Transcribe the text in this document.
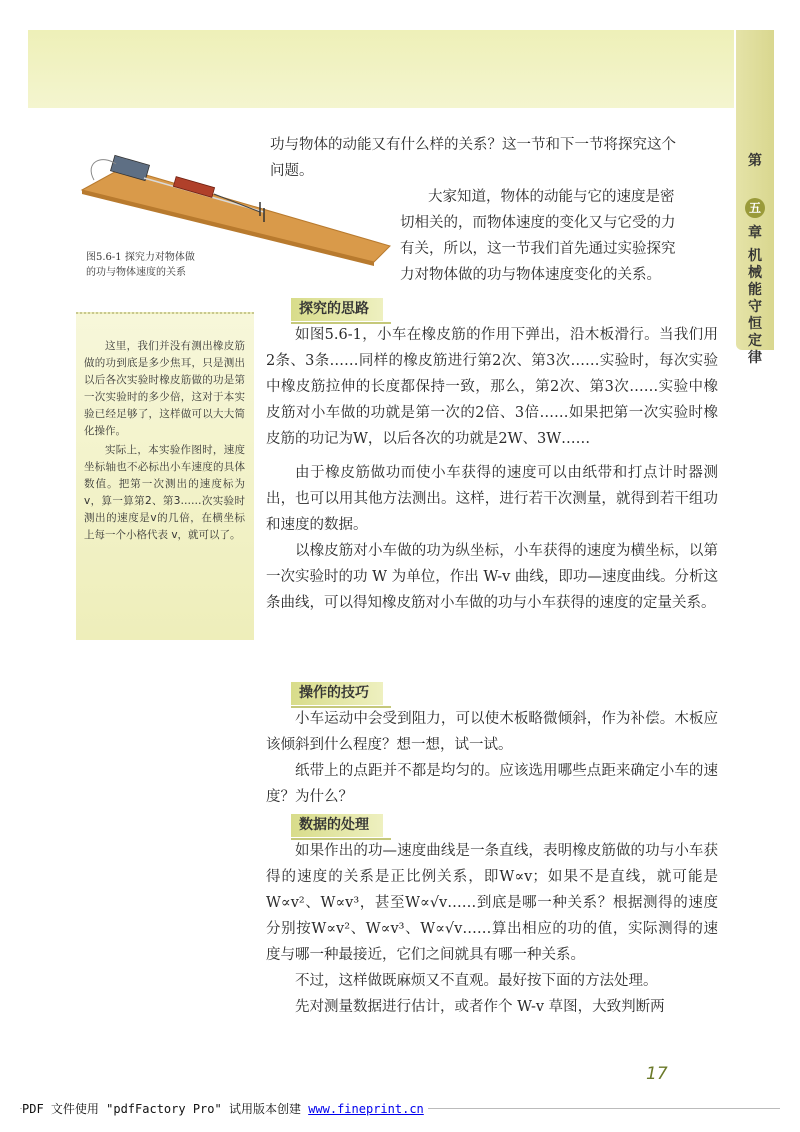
第
五
章
机
械
能
守
恒
定
律
图5.6-1 探究力对物体做
的功与物体速度的关系

这里，我们并没有测出橡皮筋做的功到底是多少焦耳，只是测出以后各次实验时橡皮筋做的功是第一次实验时的多少倍，这对于本实验已经足够了，这样做可以大大简化操作。

实际上，本实验作图时，速度坐标轴也不必标出小车速度的具体数值。把第一次测出的速度标为v，算一算第2、第3……次实验时测出的速度是v的几倍，在横坐标上每一个小格代表 v，就可以了。

功与物体的动能又有什么样的关系？这一节和下一节将探究这个
问题。
大家知道，物体的动能与它的速度是密
切相关的，而物体速度的变化又与它受的力
有关，所以，这一节我们首先通过实验探究
力对物体做的功与物体速度变化的关系。
探究的思路

如图5.6-1，小车在橡皮筋的作用下弹出，沿木板滑行。当我们用2条、3条……同样的橡皮筋进行第2次、第3次……实验时，每次实验中橡皮筋拉伸的长度都保持一致，那么，第2次、第3次……实验中橡皮筋对小车做的功就是第一次的2倍、3倍……如果把第一次实验时橡皮筋的功记为W，以后各次的功就是2W、3W……

由于橡皮筋做功而使小车获得的速度可以由纸带和打点计时器测出，也可以用其他方法测出。这样，进行若干次测量，就得到若干组功和速度的数据。

以橡皮筋对小车做的功为纵坐标，小车获得的速度为横坐标，以第一次实验时的功 W 为单位，作出 W-v 曲线，即功—速度曲线。分析这条曲线，可以得知橡皮筋对小车做的功与小车获得的速度的定量关系。

操作的技巧

小车运动中会受到阻力，可以使木板略微倾斜，作为补偿。木板应该倾斜到什么程度？想一想，试一试。

纸带上的点距并不都是均匀的。应该选用哪些点距来确定小车的速度？为什么？

数据的处理

如果作出的功—速度曲线是一条直线，表明橡皮筋做的功与小车获得的速度的关系是正比例关系，即W∝v；如果不是直线，就可能是W∝v²、W∝v³，甚至W∝√v……到底是哪一种关系？根据测得的速度分别按W∝v²、W∝v³、W∝√v……算出相应的功的值，实际测得的速度与哪一种最接近，它们之间就具有哪一种关系。

不过，这样做既麻烦又不直观。最好按下面的方法处理。

先对测量数据进行估计，或者作个 W-v 草图，大致判断两

17
PDF 文件使用 "pdfFactory Pro" 试用版本创建 www.fineprint.cn
